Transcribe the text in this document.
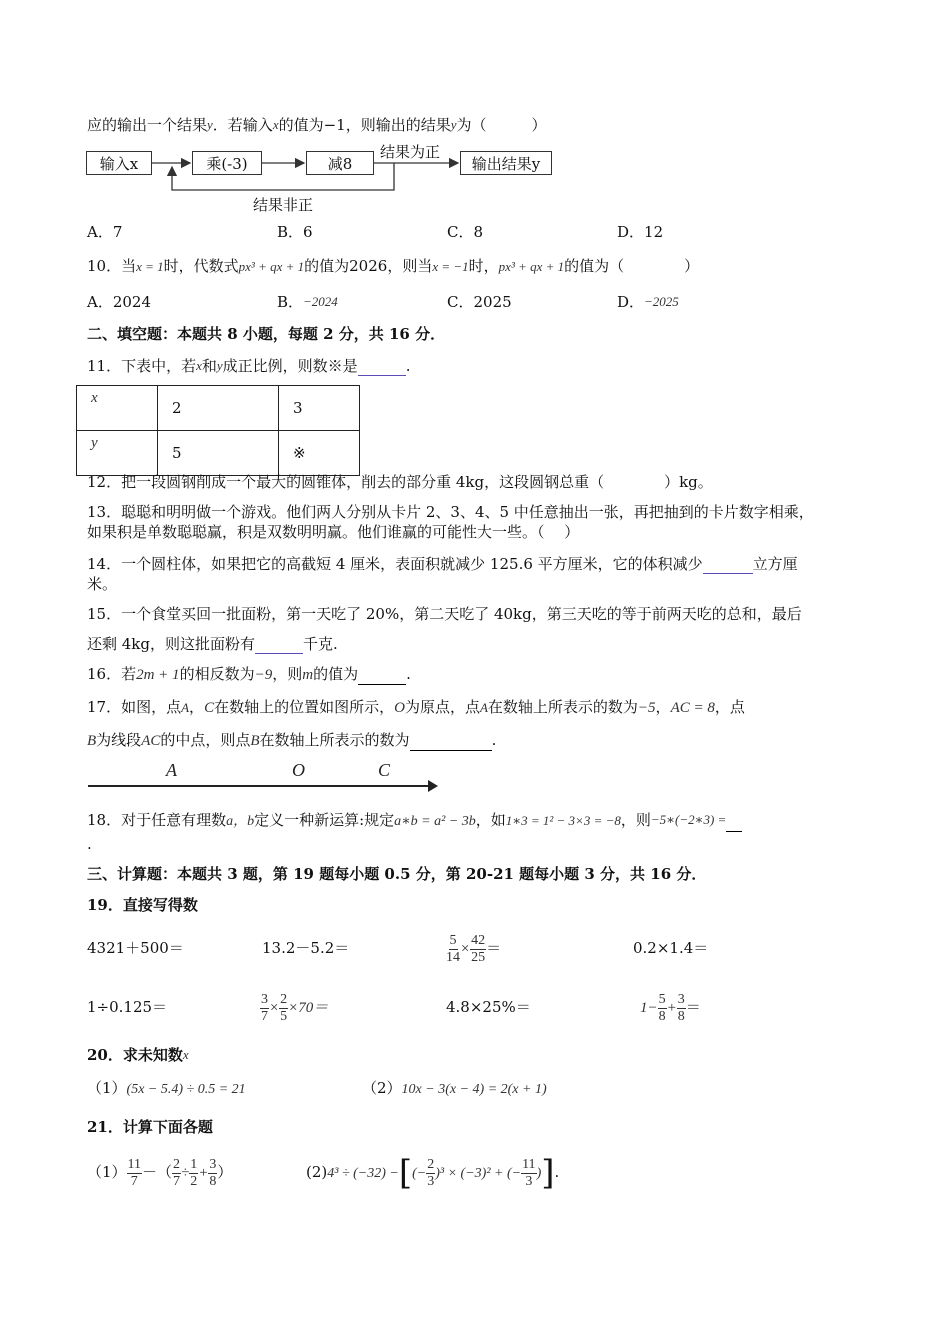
应的输出一个结果y．若输入x的值为−1，则输出的结果y为（　　　）
输入x	乘(-3)	减8	输出结果y
结果为正
结果非正
A．7	B．6	C．8	D．12
10．当x = 1时，代数式px³ + qx + 1的值为2026，则当x = −1时，px³ + qx + 1的值为（　　　　）
A．2024	B．−2024	C．2025	D．−2025
二、填空题：本题共 8 小题，每题 2 分，共 16 分．
11．下表中，若x和y成正比例，则数※是	.
x	2	3
y	5	※
12．把一段圆钢削成一个最大的圆锥体，削去的部分重 4kg，这段圆钢总重（　　　　）kg。
13．聪聪和明明做一个游戏。他们两人分别从卡片 2、3、4、5 中任意抽出一张，再把抽到的卡片数字相乘，
如果积是单数聪聪赢，积是双数明明赢。他们谁赢的可能性大一些。（　 ）
14．一个圆柱体，如果把它的高截短 4 厘米，表面积就减少 125.6 平方厘米，它的体积减少	立方厘
米。
15．一个食堂买回一批面粉，第一天吃了 20%，第二天吃了 40kg，第三天吃的等于前两天吃的总和，最后
还剩 4kg，则这批面粉有	千克.
16．若2m + 1的相反数为−9，则m的值为	.
17．如图，点A，C在数轴上的位置如图所示，O为原点，点A在数轴上所表示的数为−5，AC = 8，点
B为线段AC的中点，则点B在数轴上所表示的数为	.
A	O	C
18．对于任意有理数a，b定义一种新运算:规定a∗b = a² − 3b，如1∗3 = 1² − 3×3 = −8，则−5∗(−2∗3) =
.
三、计算题：本题共 3 题，第 19 题每小题 0.5 分，第 20-21 题每小题 3 分，共 16 分．
19．直接写得数
4321＋500＝	13.2－5.2＝	$\frac{5}{14} \times \frac{42}{25}$ ＝	0.2×1.4＝
1÷0.125＝	$\frac{3}{7} \times \frac{2}{5} \times 70=$	4.8×25%＝	$1- \frac{5}{8} + \frac{3}{8}$ ＝
20．求未知数x
（1）(5x − 5.4) ÷ 0.5 = 21	（2）10x − 3(x − 4) = 2(x + 1)
21．计算下面各题
$(1) \frac{11}{7}$ －（ $\frac{2}{7} \div \frac{1}{2} + \frac{3}{8}$ ）	(2)4³ ÷ (−32) −[(− $\frac{2}{3} )^3 \times (-3)^2$ + (− $\frac{11}{3}$ )].
